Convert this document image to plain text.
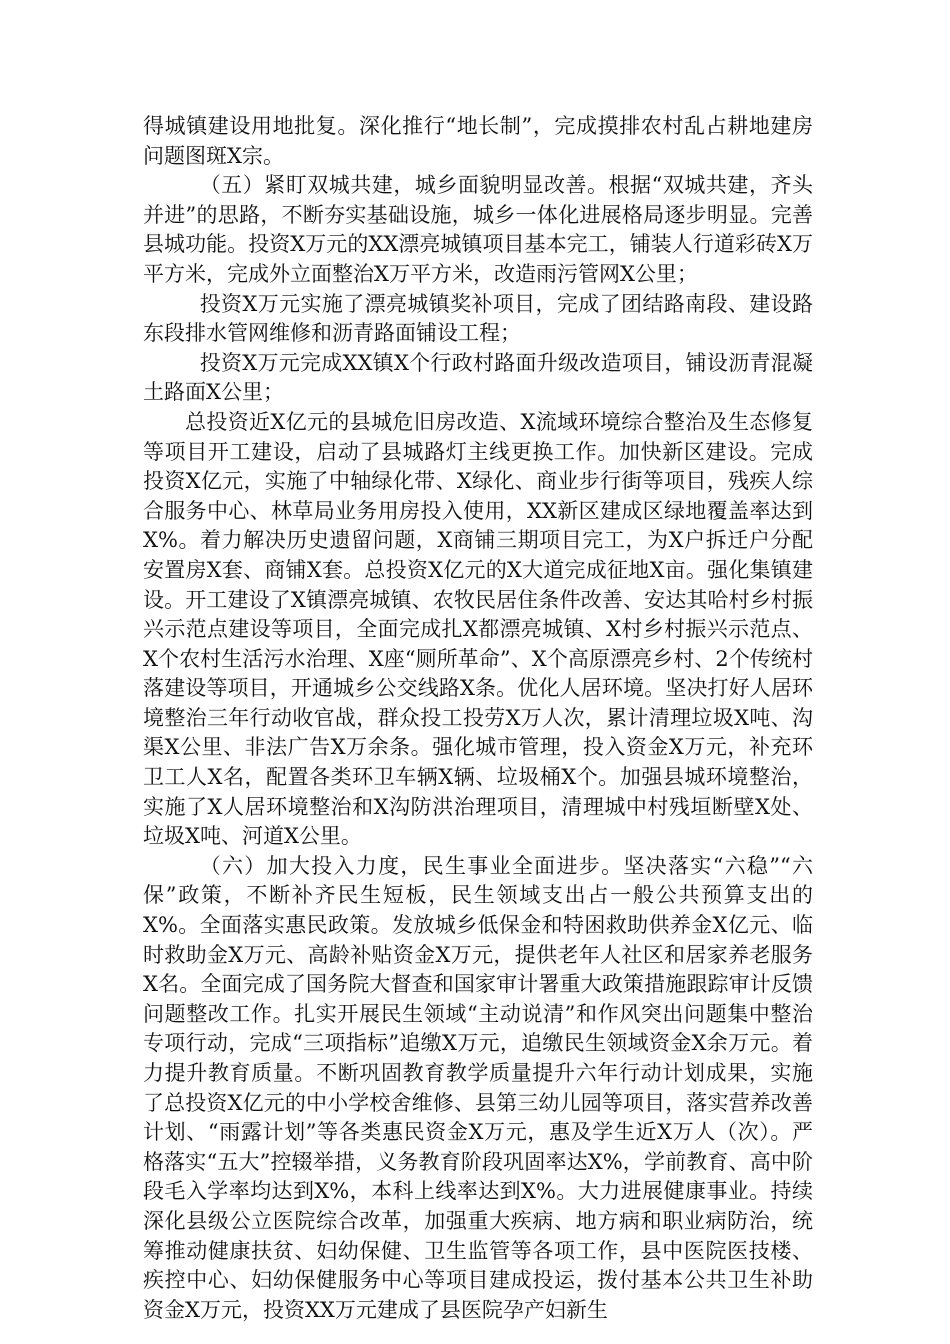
得城镇建设用地批复。深化推行“地长制”，完成摸排农村乱占耕地建房问题图斑X宗。

（五）紧盯双城共建，城乡面貌明显改善。根据“双城共建，齐头并进”的思路，不断夯实基础设施，城乡一体化进展格局逐步明显。完善县城功能。投资X万元的XX漂亮城镇项目基本完工，铺装人行道彩砖X万平方米，完成外立面整治X万平方米，改造雨污管网X公里；

投资X万元实施了漂亮城镇奖补项目，完成了团结路南段、建设路东段排水管网维修和沥青路面铺设工程；

投资X万元完成XX镇X个行政村路面升级改造项目，铺设沥青混凝土路面X公里；

总投资近X亿元的县城危旧房改造、X流域环境综合整治及生态修复等项目开工建设，启动了县城路灯主线更换工作。加快新区建设。完成投资X亿元，实施了中轴绿化带、X绿化、商业步行街等项目，残疾人综合服务中心、林草局业务用房投入使用，XX新区建成区绿地覆盖率达到X%。着力解决历史遗留问题，X商铺三期项目完工，为X户拆迁户分配安置房X套、商铺X套。总投资X亿元的X大道完成征地X亩。强化集镇建设。开工建设了X镇漂亮城镇、农牧民居住条件改善、安达其哈村乡村振兴示范点建设等项目，全面完成扎X都漂亮城镇、X村乡村振兴示范点、X个农村生活污水治理、X座“厕所革命”、X个高原漂亮乡村、2个传统村落建设等项目，开通城乡公交线路X条。优化人居环境。坚决打好人居环境整治三年行动收官战，群众投工投劳X万人次，累计清理垃圾X吨、沟渠X公里、非法广告X万余条。强化城市管理，投入资金X万元，补充环卫工人X名，配置各类环卫车辆X辆、垃圾桶X个。加强县城环境整治，实施了X人居环境整治和X沟防洪治理项目，清理城中村残垣断壁X处、垃圾X吨、河道X公里。

（六）加大投入力度，民生事业全面进步。坚决落实“六稳”“六保”政策，不断补齐民生短板，民生领域支出占一般公共预算支出的X%。全面落实惠民政策。发放城乡低保金和特困救助供养金X亿元、临时救助金X万元、高龄补贴资金X万元，提供老年人社区和居家养老服务X名。全面完成了国务院大督查和国家审计署重大政策措施跟踪审计反馈问题整改工作。扎实开展民生领域“主动说清”和作风突出问题集中整治专项行动，完成“三项指标”追缴X万元，追缴民生领域资金X余万元。着力提升教育质量。不断巩固教育教学质量提升六年行动计划成果，实施了总投资X亿元的中小学校舍维修、县第三幼儿园等项目，落实营养改善计划、“雨露计划”等各类惠民资金X万元，惠及学生近X万人（次）。严格落实“五大”控辍举措，义务教育阶段巩固率达X%，学前教育、高中阶段毛入学率均达到X%，本科上线率达到X%。大力进展健康事业。持续深化县级公立医院综合改革，加强重大疾病、地方病和职业病防治，统筹推动健康扶贫、妇幼保健、卫生监管等各项工作，县中医院医技楼、疾控中心、妇幼保健服务中心等项目建成投运，拨付基本公共卫生补助资金X万元，投资XX万元建成了县医院孕产妇新生
